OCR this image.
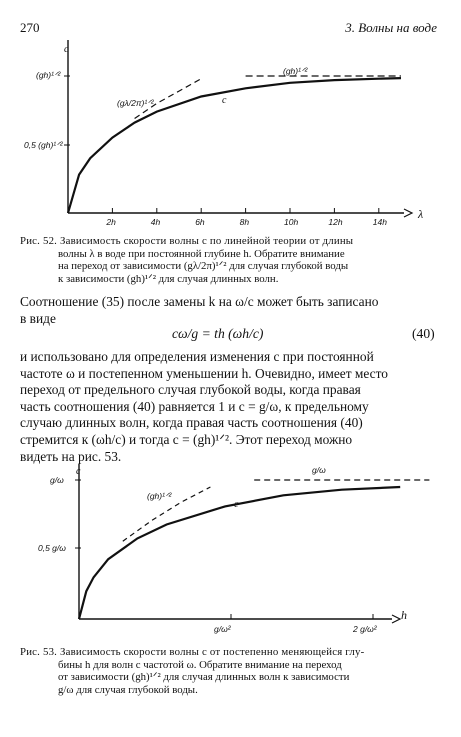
270	3. Волны на воде
c
(gh)¹ᐟ²
0,5 (gh)¹ᐟ²
(gλ/2π)¹ᐟ²
(gh)¹ᐟ²
c
λ
2h	4h	6h	8h	10h	12h	14h
Рис. 52. Зависимость скорости волны c по линейной теории от длины
волны λ в воде при постоянной глубине h. Обратите внимание
на переход от зависимости (gλ/2π)¹ᐟ² для случая глубокой воды
к зависимости (gh)¹ᐟ² для случая длинных волн.
Соотношение (35) после замены k на ω/c может быть записано
в виде
cω/g = th (ωh/c)	(40)
и использовано для определения изменения c при постоянной
частоте ω и постепенном уменьшении h. Очевидно, имеет место
переход от предельного случая глубокой воды, когда правая
часть соотношения (40) равняется 1 и c = g/ω, к предельному
случаю длинных волн, когда правая часть соотношения (40)
стремится к (ωh/c) и тогда c = (gh)¹ᐟ². Этот переход можно
видеть на рис. 53.
c
g/ω
0,5 g/ω
g/ω
(gh)¹ᐟ²
c
h
g/ω²	2 g/ω²
Рис. 53. Зависимость скорости волны c от постепенно меняющейся глу-
бины h для волн с частотой ω. Обратите внимание на переход
от зависимости (gh)¹ᐟ² для случая длинных волн к зависимости
g/ω для случая глубокой воды.
